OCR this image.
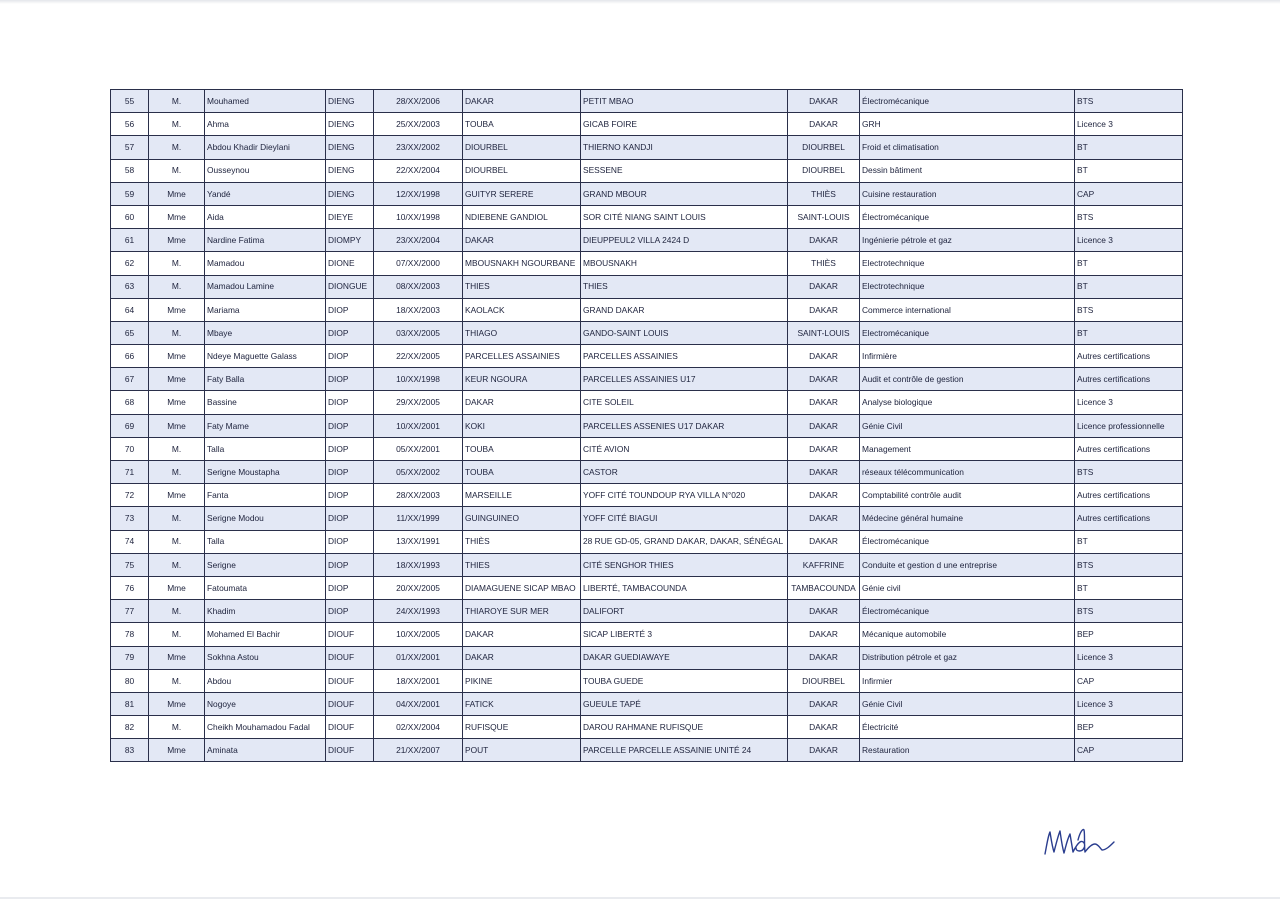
55	M.	Mouhamed	DIENG	28/XX/2006	DAKAR	PETIT MBAO	DAKAR	Électromécanique	BTS
56	M.	Ahma	DIENG	25/XX/2003	TOUBA	GICAB FOIRE	DAKAR	GRH	Licence 3
57	M.	Abdou Khadir Dieylani	DIENG	23/XX/2002	DIOURBEL	THIERNO KANDJI	DIOURBEL	Froid et climatisation	BT
58	M.	Ousseynou	DIENG	22/XX/2004	DIOURBEL	SESSENE	DIOURBEL	Dessin bâtiment	BT
59	Mme	Yandé	DIENG	12/XX/1998	GUITYR SERERE	GRAND MBOUR	THIÈS	Cuisine restauration	CAP
60	Mme	Aida	DIEYE	10/XX/1998	NDIEBENE GANDIOL	SOR CITÉ NIANG SAINT LOUIS	SAINT-LOUIS	Électromécanique	BTS
61	Mme	Nardine Fatima	DIOMPY	23/XX/2004	DAKAR	DIEUPPEUL2 VILLA 2424 D	DAKAR	Ingénierie pétrole et gaz	Licence 3
62	M.	Mamadou	DIONE	07/XX/2000	MBOUSNAKH NGOURBANE	MBOUSNAKH	THIÈS	Electrotechnique	BT
63	M.	Mamadou Lamine	DIONGUE	08/XX/2003	THIES	THIES	DAKAR	Electrotechnique	BT
64	Mme	Mariama	DIOP	18/XX/2003	KAOLACK	GRAND DAKAR	DAKAR	Commerce international	BTS
65	M.	Mbaye	DIOP	03/XX/2005	THIAGO	GANDO-SAINT LOUIS	SAINT-LOUIS	Electromécanique	BT
66	Mme	Ndeye Maguette Galass	DIOP	22/XX/2005	PARCELLES ASSAINIES	PARCELLES ASSAINIES	DAKAR	Infirmière	Autres certifications
67	Mme	Faty Balla	DIOP	10/XX/1998	KEUR NGOURA	PARCELLES ASSAINIES U17	DAKAR	Audit et contrôle de gestion	Autres certifications
68	Mme	Bassine	DIOP	29/XX/2005	DAKAR	CITE SOLEIL	DAKAR	Analyse biologique	Licence 3
69	Mme	Faty Mame	DIOP	10/XX/2001	KOKI	PARCELLES ASSENIES U17 DAKAR	DAKAR	Génie Civil	Licence professionnelle
70	M.	Talla	DIOP	05/XX/2001	TOUBA	CITÉ AVION	DAKAR	Management	Autres certifications
71	M.	Serigne Moustapha	DIOP	05/XX/2002	TOUBA	CASTOR	DAKAR	réseaux télécommunication	BTS
72	Mme	Fanta	DIOP	28/XX/2003	MARSEILLE	YOFF CITÉ TOUNDOUP RYA VILLA N°020	DAKAR	Comptabilité contrôle audit	Autres certifications
73	M.	Serigne Modou	DIOP	11/XX/1999	GUINGUINEO	YOFF CITÉ BIAGUI	DAKAR	Médecine général humaine	Autres certifications
74	M.	Talla	DIOP	13/XX/1991	THIÈS	28 RUE GD-05, GRAND DAKAR, DAKAR, SÉNÉGAL	DAKAR	Électromécanique	BT
75	M.	Serigne	DIOP	18/XX/1993	THIES	CITÉ SENGHOR THIES	KAFFRINE	Conduite et gestion d une entreprise	BTS
76	Mme	Fatoumata	DIOP	20/XX/2005	DIAMAGUENE SICAP MBAO	LIBERTÉ, TAMBACOUNDA	TAMBACOUNDA	Génie civil	BT
77	M.	Khadim	DIOP	24/XX/1993	THIAROYE SUR MER	DALIFORT	DAKAR	Électromécanique	BTS
78	M.	Mohamed El Bachir	DIOUF	10/XX/2005	DAKAR	SICAP LIBERTÉ 3	DAKAR	Mécanique automobile	BEP
79	Mme	Sokhna Astou	DIOUF	01/XX/2001	DAKAR	DAKAR GUEDIAWAYE	DAKAR	Distribution pétrole et gaz	Licence 3
80	M.	Abdou	DIOUF	18/XX/2001	PIKINE	TOUBA GUEDE	DIOURBEL	Infirmier	CAP
81	Mme	Nogoye	DIOUF	04/XX/2001	FATICK	GUEULE TAPÉ	DAKAR	Génie Civil	Licence 3
82	M.	Cheikh Mouhamadou Fadal	DIOUF	02/XX/2004	RUFISQUE	DAROU RAHMANE RUFISQUE	DAKAR	Électricité	BEP
83	Mme	Aminata	DIOUF	21/XX/2007	POUT	PARCELLE PARCELLE ASSAINIE UNITÉ 24	DAKAR	Restauration	CAP
